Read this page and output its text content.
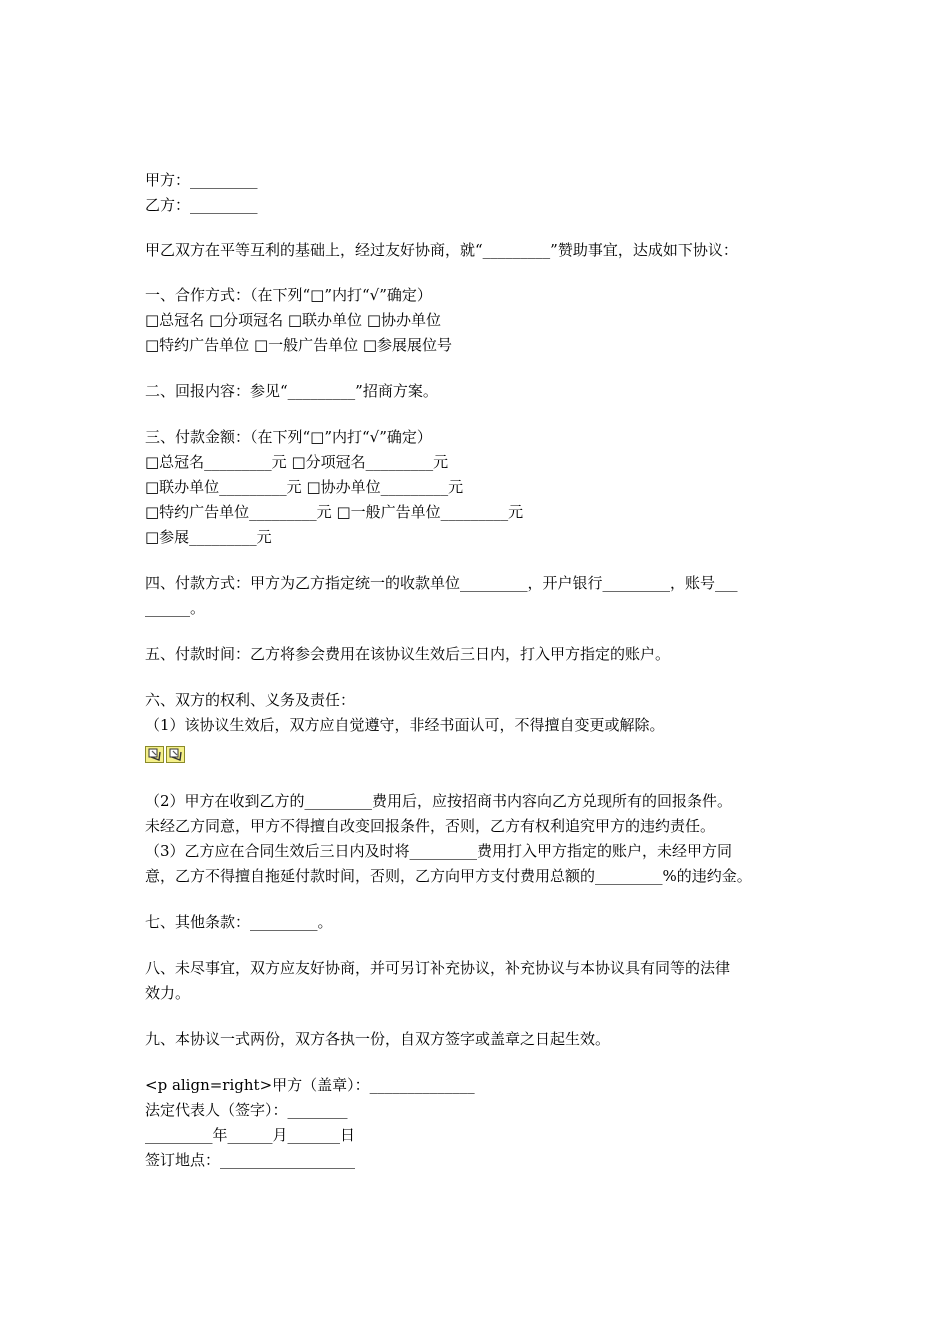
甲方：_________
乙方：_________
甲乙双方在平等互利的基础上，经过友好协商，就“_________”赞助事宜，达成如下协议：
一、合作方式：（在下列“□”内打“√”确定）
□总冠名 □分项冠名 □联办单位 □协办单位
□特约广告单位 □一般广告单位 □参展展位号
二、回报内容：参见“_________”招商方案。
三、付款金额：（在下列“□”内打“√”确定）
□总冠名_________元 □分项冠名_________元
□联办单位_________元 □协办单位_________元
□特约广告单位_________元 □一般广告单位_________元
□参展_________元
四、付款方式：甲方为乙方指定统一的收款单位_________，开户银行_________，账号___
______。
五、付款时间：乙方将参会费用在该协议生效后三日内，打入甲方指定的账户。
六、双方的权利、义务及责任：
（1）该协议生效后，双方应自觉遵守，非经书面认可，不得擅自变更或解除。
（2）甲方在收到乙方的_________费用后，应按招商书内容向乙方兑现所有的回报条件。
未经乙方同意，甲方不得擅自改变回报条件，否则，乙方有权利追究甲方的违约责任。
（3）乙方应在合同生效后三日内及时将_________费用打入甲方指定的账户，未经甲方同
意，乙方不得擅自拖延付款时间，否则，乙方向甲方支付费用总额的_________%的违约金。
七、其他条款：_________。
八、未尽事宜，双方应友好协商，并可另订补充协议，补充协议与本协议具有同等的法律
效力。
九、本协议一式两份，双方各执一份，自双方签字或盖章之日起生效。
<p align=right>甲方（盖章）：______________
法定代表人（签字）：________
_________年______月_______日
签订地点：__________________
